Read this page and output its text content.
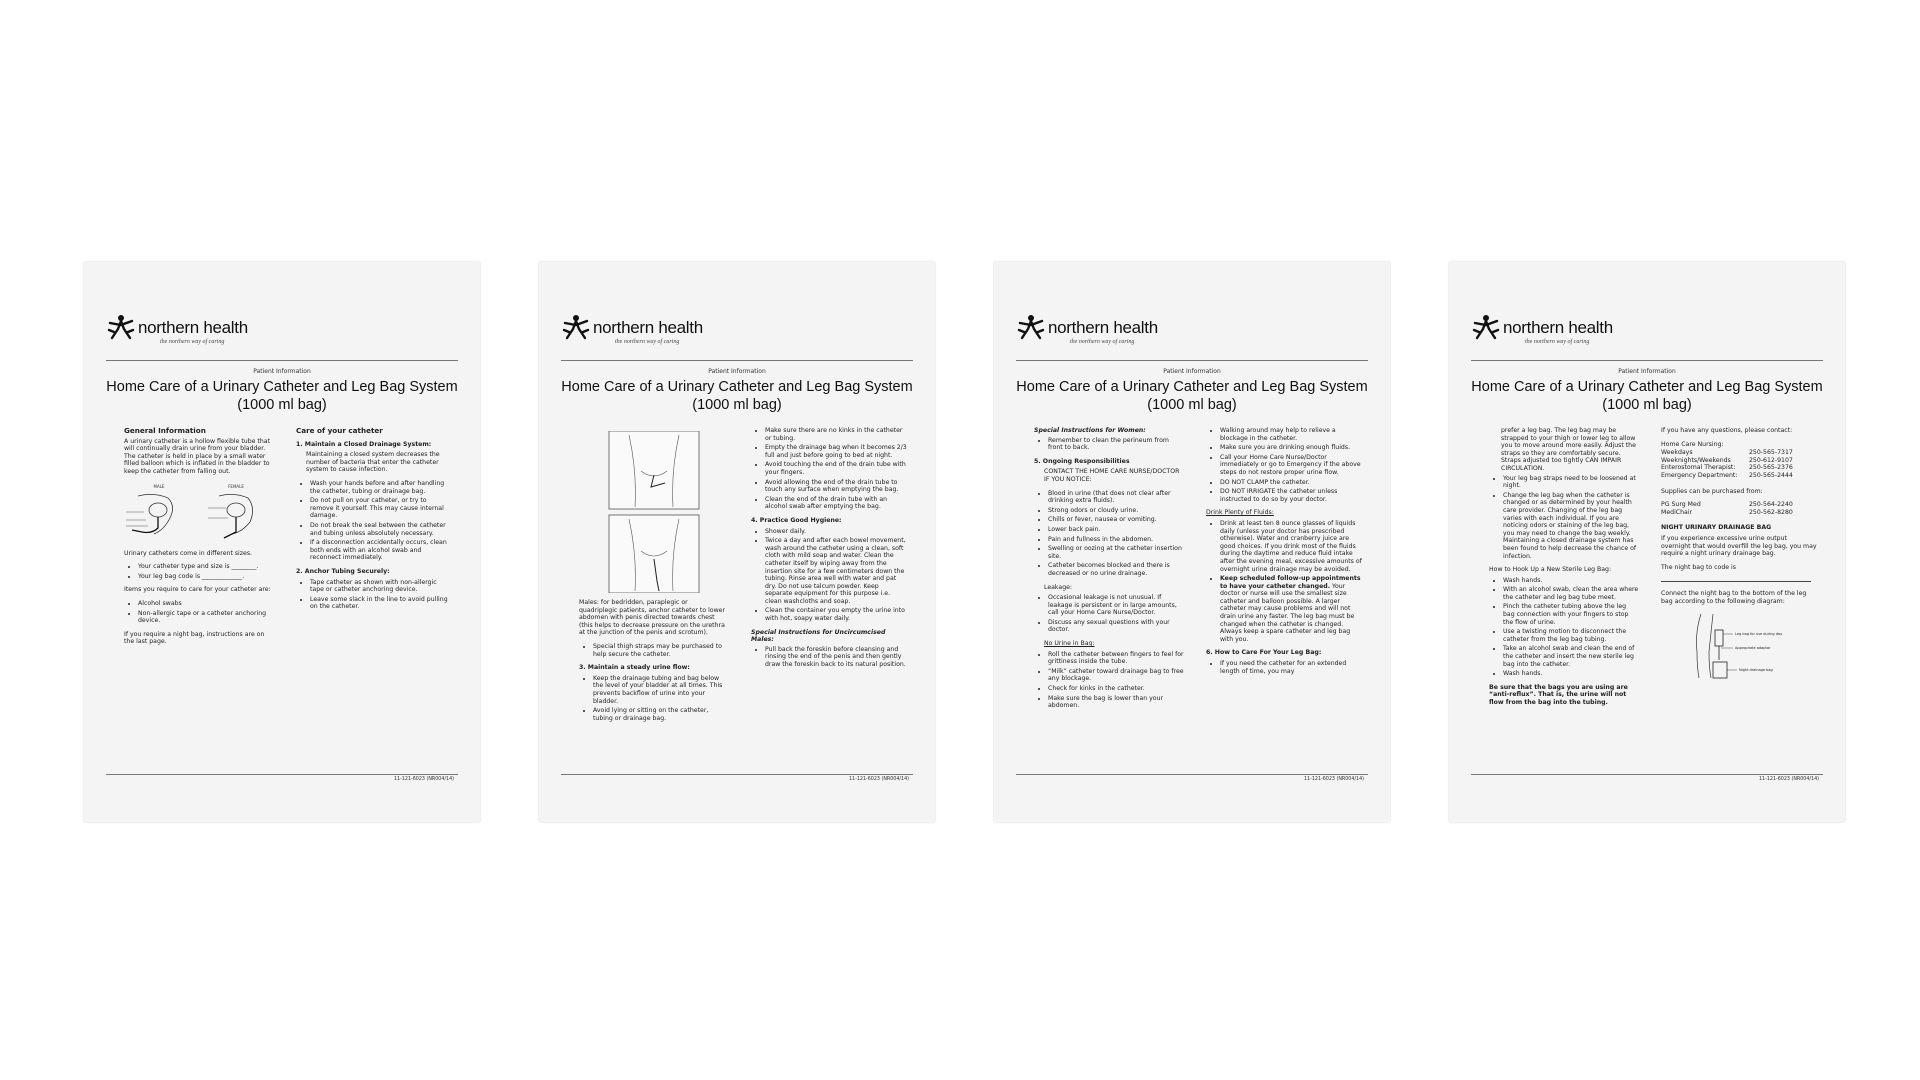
northern health
the northern way of caring
Patient Information
Home Care of a Urinary Catheter and Leg Bag System (1000 ml bag)
General Information

A urinary catheter is a hollow flexible tube that will continually drain urine from your bladder. The catheter is held in place by a small water filled balloon which is inflated in the bladder to keep the catheter from falling out.

MALE	FEMALE

Urinary catheters come in different sizes.

• Your catheter type and size is ________.
• Your leg bag code is _____________.

Items you require to care for your catheter are:

• Alcohol swabs
• Non-allergic tape or a catheter anchoring device.

If you require a night bag, instructions are on the last page.

Care of your catheter
1. Maintain a Closed Drainage System:

Maintaining a closed system decreases the number of bacteria that enter the catheter system to cause infection.

• Wash your hands before and after handling the catheter, tubing or drainage bag.
• Do not pull on your catheter, or try to remove it yourself. This may cause internal damage.
• Do not break the seal between the catheter and tubing unless absolutely necessary.
• If a disconnection accidentally occurs, clean both ends with an alcohol swab and reconnect immediately.
2. Anchor Tubing Securely:
• Tape catheter as shown with non-allergic tape or catheter anchoring device.
• Leave some slack in the line to avoid pulling on the catheter.
11-121-6023 (NR004/14)
northern health
the northern way of caring
Patient Information
Home Care of a Urinary Catheter and Leg Bag System (1000 ml bag)

Males: for bedridden, paraplegic or quadriplegic patients, anchor catheter to lower abdomen with penis directed towards chest (this helps to decrease pressure on the urethra at the junction of the penis and scrotum).

• Special thigh straps may be purchased to help secure the catheter.
3. Maintain a steady urine flow:
• Keep the drainage tubing and bag below the level of your bladder at all times. This prevents backflow of urine into your bladder.
• Avoid lying or sitting on the catheter, tubing or drainage bag.
• Make sure there are no kinks in the catheter or tubing.
• Empty the drainage bag when it becomes 2/3 full and just before going to bed at night.
• Avoid touching the end of the drain tube with your fingers.
• Avoid allowing the end of the drain tube to touch any surface when emptying the bag.
• Clean the end of the drain tube with an alcohol swab after emptying the bag.
4. Practice Good Hygiene:
• Shower daily.
• Twice a day and after each bowel movement, wash around the catheter using a clean, soft cloth with mild soap and water. Clean the catheter itself by wiping away from the insertion site for a few centimeters down the tubing. Rinse area well with water and pat dry. Do not use talcum powder. Keep separate equipment for this purpose i.e. clean washcloths and soap.
• Clean the container you empty the urine into with hot, soapy water daily.
Special Instructions for Uncircumcised Males:
• Pull back the foreskin before cleansing and rinsing the end of the penis and then gently draw the foreskin back to its natural position.
11-121-6023 (NR004/14)
northern health
the northern way of caring
Patient Information
Home Care of a Urinary Catheter and Leg Bag System (1000 ml bag)
Special Instructions for Women:
• Remember to clean the perineum from front to back.
5. Ongoing Responsibilities

CONTACT THE HOME CARE NURSE/DOCTOR IF YOU NOTICE:

• Blood in urine (that does not clear after drinking extra fluids).
• Strong odors or cloudy urine.
• Chills or fever, nausea or vomiting.
• Lower back pain.
• Pain and fullness in the abdomen.
• Swelling or oozing at the catheter insertion site.
• Catheter becomes blocked and there is decreased or no urine drainage.
Leakage:
• Occasional leakage is not unusual. If leakage is persistent or in large amounts, call your Home Care Nurse/Doctor.
• Discuss any sexual questions with your doctor.
No Urine in Bag:
• Roll the catheter between fingers to feel for grittiness inside the tube.
• “Milk” catheter toward drainage bag to free any blockage.
• Check for kinks in the catheter.
• Make sure the bag is lower than your abdomen.
• Walking around may help to relieve a blockage in the catheter.
• Make sure you are drinking enough fluids.
• Call your Home Care Nurse/Doctor immediately or go to Emergency if the above steps do not restore proper urine flow.
• DO NOT CLAMP the catheter.
• DO NOT IRRIGATE the catheter unless instructed to do so by your doctor.
Drink Plenty of Fluids:
• Drink at least ten 8 ounce glasses of liquids daily (unless your doctor has prescribed otherwise). Water and cranberry juice are good choices. If you drink most of the fluids during the daytime and reduce fluid intake after the evening meal, excessive amounts of overnight urine drainage may be avoided.
• Keep scheduled follow-up appointments to have your catheter changed. Your doctor or nurse will use the smallest size catheter and balloon possible. A larger catheter may cause problems and will not drain urine any faster. The leg bag must be changed when the catheter is changed. Always keep a spare catheter and leg bag with you.
6. How to Care For Your Leg Bag:
• If you need the catheter for an extended length of time, you may
11-121-6023 (NR004/14)
northern health
the northern way of caring
Patient Information
Home Care of a Urinary Catheter and Leg Bag System (1000 ml bag)

prefer a leg bag. The leg bag may be strapped to your thigh or lower leg to allow you to move around more easily. Adjust the straps so they are comfortably secure. Straps adjusted too tightly CAN IMPAIR CIRCULATION.

• Your leg bag straps need to be loosened at night.
• Change the leg bag when the catheter is changed or as determined by your health care provider. Changing of the leg bag varies with each individual. If you are noticing odors or staining of the leg bag, you may need to change the bag weekly. Maintaining a closed drainage system has been found to help decrease the chance of infection.
How to Hook Up a New Sterile Leg Bag:
• Wash hands.
• With an alcohol swab, clean the area where the catheter and leg bag tube meet.
• Pinch the catheter tubing above the leg bag connection with your fingers to stop the flow of urine.
• Use a twisting motion to disconnect the catheter from the leg bag tubing.
• Take an alcohol swab and clean the end of the catheter and insert the new sterile leg bag into the catheter.
• Wash hands.

Be sure that the bags you are using are “anti-reflux”. That is, the urine will not flow from the bag into the tubing.

If you have any questions, please contact:

Home Care Nursing:

Weekdays	250-565-7317
Weeknights/Weekends	250-612-9107
Enterostomal Therapist:	250-565-2376
Emergency Department:	250-565-2444

Supplies can be purchased from:

PG Surg Med	250-564-2240
MediChair	250-562-8280
NIGHT URINARY DRAINAGE BAG

If you experience excessive urine output overnight that would overfill the leg bag, you may require a night urinary drainage bag.

The night bag to code is

Connect the night bag to the bottom of the leg bag according to the following diagram:

Leg bag for use during day
Appropriate adaptor
Night drainage bag
11-121-6023 (NR004/14)
